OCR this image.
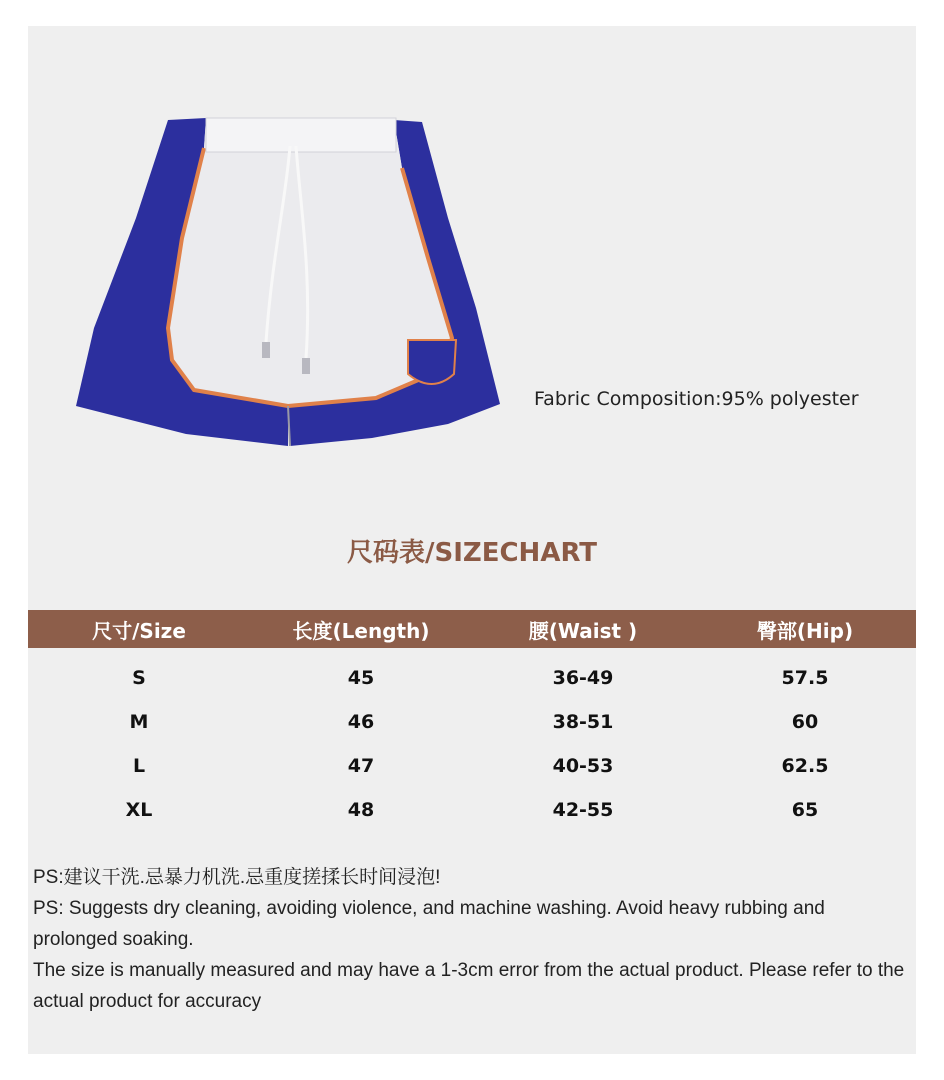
Fabric Composition:95% polyester
尺码表/SIZECHART
尺寸/Size	长度(Length)	腰(Waist )	臀部(Hip)

S	45	36-49	57.5
M	46	38-51	60
L	47	40-53	62.5
XL	48	42-55	65

PS:建议干洗.忌暴力机洗.忌重度搓揉长时间浸泡!

PS: Suggests dry cleaning, avoiding violence, and machine washing. Avoid heavy rubbing and prolonged soaking.

The size is manually measured and may have a 1-3cm error from the actual product. Please refer to the actual product for accuracy
